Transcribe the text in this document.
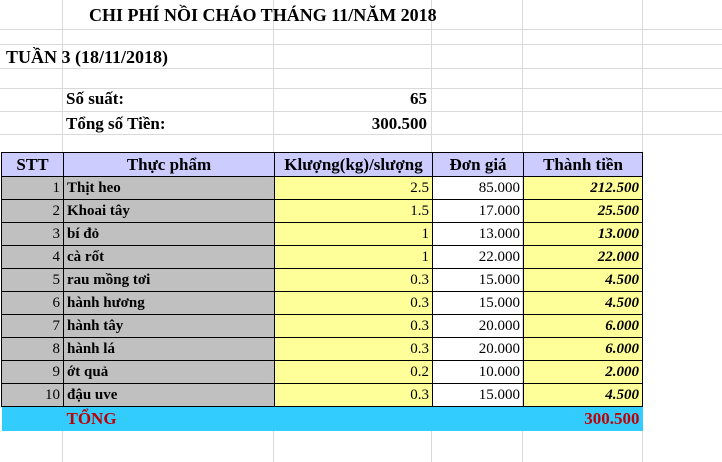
CHI PHÍ NỒI CHÁO THÁNG 11/NĂM 2018
TUẦN 3 (18/11/2018)
Số suất:	65
Tổng số Tiền:	300.500
STT	Thực phẩm	Klượng(kg)/slượng	Đơn giá	Thành tiền
1	Thịt heo	2.5	85.000	212.500
2	Khoai tây	1.5	17.000	25.500
3	bí đỏ	1	13.000	13.000
4	cà rốt	1	22.000	22.000
5	rau mồng tơi	0.3	15.000	4.500
6	hành hương	0.3	15.000	4.500
7	hành tây	0.3	20.000	6.000
8	hành lá	0.3	20.000	6.000
9	ớt quả	0.2	10.000	2.000
10	đậu uve	0.3	15.000	4.500
	TỔNG			300.500
